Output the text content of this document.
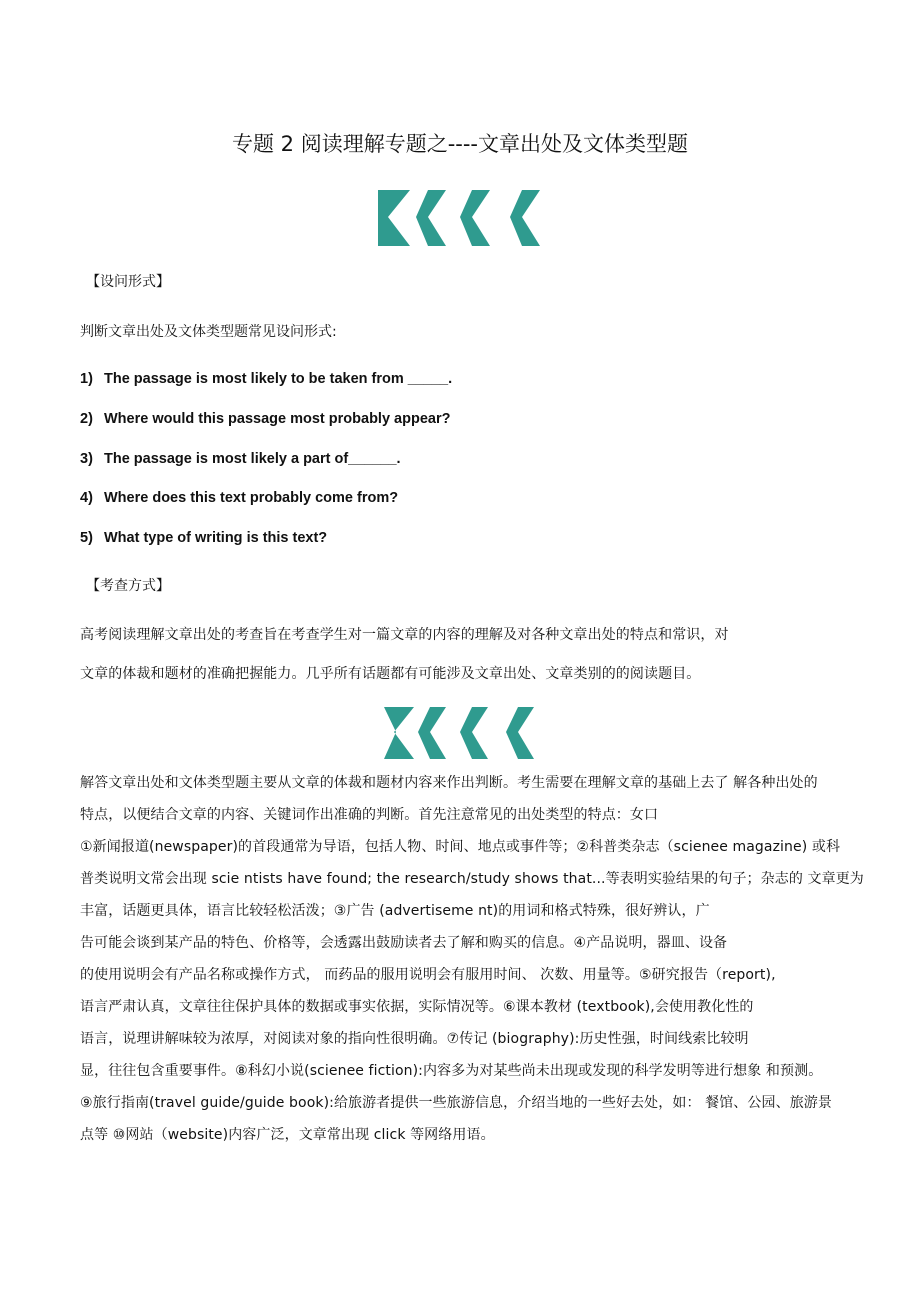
专题 2 阅读理解专题之----文章出处及文体类型题
【设问形式】
判断文章出处及文体类型题常见设问形式:
1) The passage is most likely to be taken from _____.
2) Where would this passage most probably appear?
3) The passage is most likely a part of______.
4) Where does this text probably come from?
5) What type of writing is this text?
【考查方式】
高考阅读理解文章出处的考查旨在考查学生对一篇文章的内容的理解及对各种文章出处的特点和常识，对
文章的体裁和题材的准确把握能力。几乎所有话题都有可能涉及文章出处、文章类别的的阅读题目。
解答文章出处和文体类型题主要从文章的体裁和题材内容来作出判断。考生需要在理解文章的基础上去了 解各种出处的
特点，以便结合文章的内容、关键词作出准确的判断。首先注意常见的出处类型的特点：女口
①新闻报道(newspaper)的首段通常为导语，包括人物、时间、地点或事件等；②科普类杂志（scienee magazine) 或科
普类说明文常会出现 scie ntists have found; the research/study shows that...等表明实验结果的句子；杂志的 文章更为
丰富，话题更具体，语言比较轻松活泼；③广告 (advertiseme nt)的用词和格式特殊，很好辨认，广
告可能会谈到某产品的特色、价格等，会透露出鼓励读者去了解和购买的信息。④产品说明，器皿、设备
的使用说明会有产品名称或操作方式， 而药品的服用说明会有服用时间、 次数、用量等。⑤研究报告（report),
语言严肃认真，文章往往保护具体的数据或事实依据，实际情况等。⑥课本教材 (textbook),会使用教化性的
语言，说理讲解味较为浓厚，对阅读对象的指向性很明确。⑦传记 (biography):历史性强，时间线索比较明
显，往往包含重要事件。⑧科幻小说(scienee fiction):内容多为对某些尚未出现或发现的科学发明等进行想象 和预测。
⑨旅行指南(travel guide/guide book):给旅游者提供一些旅游信息，介绍当地的一些好去处，如： 餐馆、公园、旅游景
点等 ⑩网站（website)内容广泛，文章常出现 click 等网络用语。
